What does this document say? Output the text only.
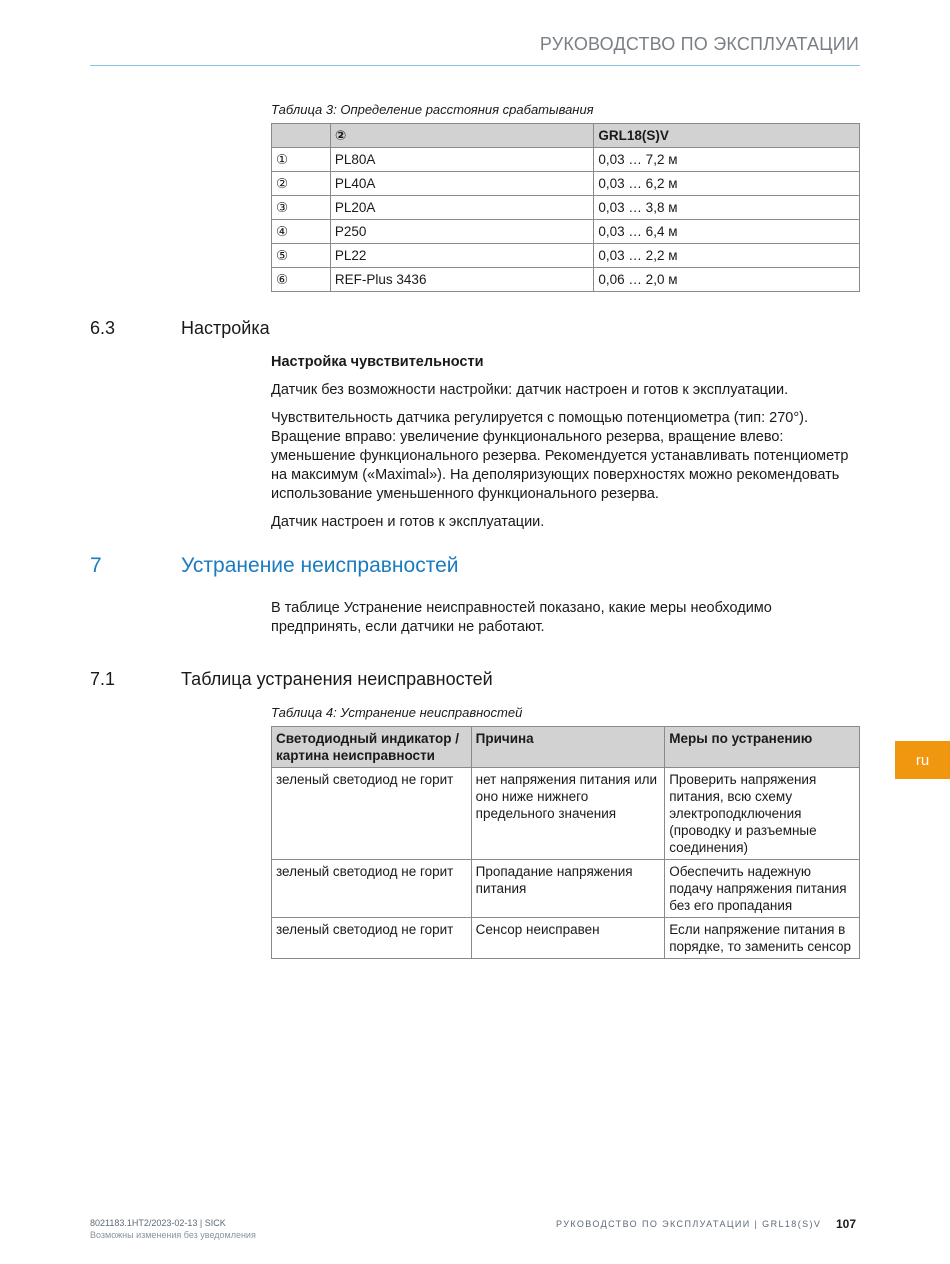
РУКОВОДСТВО ПО ЭКСПЛУАТАЦИИ
Таблица 3: Определение расстояния срабатывания
	②	GRL18(S)V
①	PL80A	0,03 … 7,2 м
②	PL40A	0,03 … 6,2 м
③	PL20A	0,03 … 3,8 м
④	P250	0,03 … 6,4 м
⑤	PL22	0,03 … 2,2 м
⑥	REF-Plus 3436	0,06 … 2,0 м
6.3	Настройка

Настройка чувствительности

Датчик без возможности настройки: датчик настроен и готов к эксплуатации.

Чувствительность датчика регулируется с помощью потенциометра (тип: 270°). Вращение вправо: увеличение функционального резерва, вращение влево: уменьшение функционального резерва. Рекомендуется устанавливать потенциометр на максимум («Maximal»). На деполяризующих поверхностях можно рекомендовать использование уменьшенного функционального резерва.

Датчик настроен и готов к эксплуатации.

7	Устранение неисправностей
В таблице Устранение неисправностей показано, какие меры необходимо предпринять, если датчики не работают.
7.1	Таблица устранения неисправностей
Таблица 4: Устранение неисправностей
Светодиодный индикатор / картина неисправности	Причина	Меры по устранению
зеленый светодиод не горит	нет напряжения питания или оно ниже нижнего предельного значения	Проверить напряжения питания, всю схему электроподключения (проводку и разъемные соединения)
зеленый светодиод не горит	Пропадание напряжения питания	Обеспечить надежную подачу напряжения питания без его пропадания
зеленый светодиод не горит	Сенсор неисправен	Если напряжение питания в порядке, то заменить сенсор
ru
8021183.1HT2/2023-02-13 | SICK
Возможны изменения без уведомления
РУКОВОДСТВО ПО ЭКСПЛУАТАЦИИ | GRL18(S)V 107
